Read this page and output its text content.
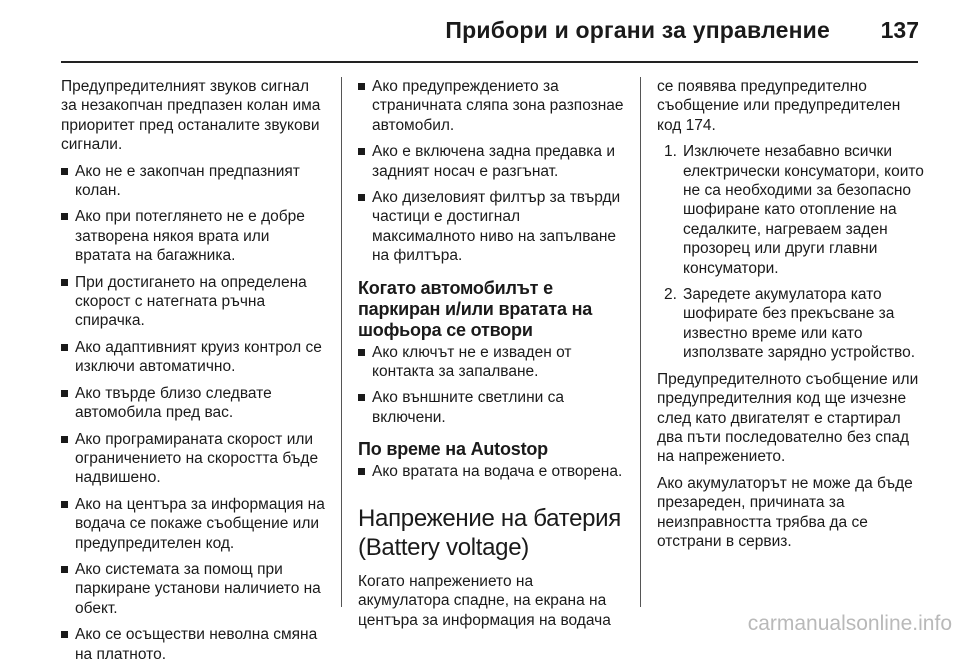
Прибори и органи за управление 137

Предупредителният звуков сигнал за незакопчан предпазен колан има приоритет пред останалите звукови сигнали.

Ако не е закопчан предпазният колан.
Ако при потеглянето не е добре затворена някоя врата или вратата на багажника.
При достигането на определена скорост с натегната ръчна спирачка.
Ако адаптивният круиз контрол се изключи автоматично.
Ако твърде близо следвате автомобила пред вас.
Ако програмираната скорост или ограничението на скоростта бъде надвишено.
Ако на центъра за информация на водача се покаже съобщение или предупредителен код.
Ако системата за помощ при паркиране установи наличието на обект.
Ако се осъществи неволна смяна на платното.
Ако предупреждението за страничната сляпа зона разпознае автомобил.
Ако е включена задна предавка и задният носач е разгънат.
Ако дизеловият филтър за твърди частици е достигнал максималното ниво на запълване на филтъра.
Когато автомобилът е паркиран и/или вратата на шофьора се отвори
Ако ключът не е изваден от контакта за запалване.
Ако външните светлини са включени.
По време на Autostop
Ако вратата на водача е отворена.
Напрежение на батерия (Battery voltage)

Когато напрежението на акумулатора спадне, на екрана на центъра за информация на водача

се появява предупредително съобщение или предупредителен код 174.

1. Изключете незабавно всички електрически консуматори, които не са необходими за безопасно шофиране като отопление на седалките, нагреваем заден прозорец или други главни консуматори.
2. Заредете акумулатора като шофирате без прекъсване за известно време или като използвате зарядно устройство.

Предупредителното съобщение или предупредителния код ще изчезне след като двигателят е стартирал два пъти последователно без спад на напрежението.

Ако акумулаторът не може да бъде презареден, причината за неизправността трябва да се отстрани в сервиз.

carmanualsonline.info
